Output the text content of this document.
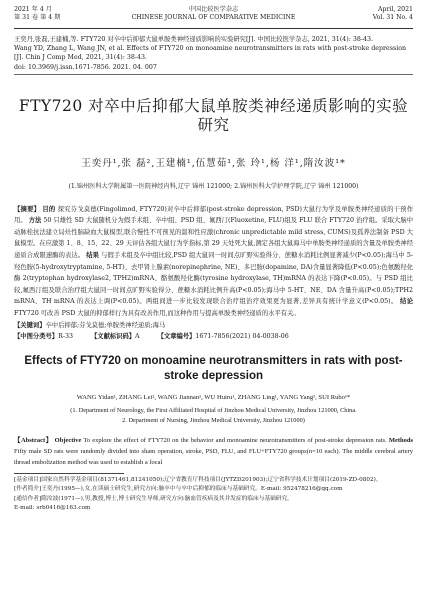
2021 年 4 月
第 31 卷 第 4 期
中国比较医学杂志
CHINESE JOURNAL OF COMPARATIVE MEDICINE
April, 2021
Vol. 31 No. 4
王奕丹,张磊,王建楠,等. FTY720 对卒中后抑郁大鼠单胺类神经递质影响的实验研究[J]. 中国比较医学杂志, 2021, 31(4): 38-43.
Wang YD, Zhang L, Wang JN, et al. Effects of FTY720 on monoamine neurotransmitters in rats with post-stroke depression [J]. Chin J Comp Med, 2021, 31(4): 38-43.
doi: 10.3969/j.issn.1671-7856. 2021. 04. 007
FTY720 对卒中后抑郁大鼠单胺类神经递质影响的实验研究
王奕丹¹,张 磊²,王建楠¹,伍慧茹¹,张 玲¹,杨 洋¹,隋汝波¹*
(1.锦州医科大学附属第一医院神经内科,辽宁 锦州 121000; 2.锦州医科大学护理学院,辽宁 锦州 121000)
【摘要】 目的 探究芬戈莫德(Fingolimod, FTY720)对卒中后抑郁(post-stroke depression, PSD)大鼠行为学及单胺类神经递质的干预作用。 方法 50 只雄性 SD 大鼠随机分为假手术组、卒中组、PSD 组、氟西汀(Fluoxetine, FLU)组及 FLU 联合 FTY720 治疗组。采取大脑中动脉栓抗法建立局灶性脑缺血大鼠模型,联合慢性不可预见的温和性应激(chronic unpredictable mild stress, CUMS)及孤养法制备 PSD 大鼠模型。在应激第 1、8、15、22、29 天评估各组大鼠行为学指标,第 29 天处死大鼠,测定各组大鼠海马中单胺类神经递质的含量及单胺类神经递质合成限速酶的表达。 结果 与假手术组及卒中组比较,PSD 组大鼠同一时间点旷野实验得分、蔗糖水消耗比例显著减少(P<0.05);海马中 5-羟色胺(5-hydroxytryptamine, 5-HT)、去甲肾上腺素(norepinephrine, NE)、多巴胺(dopamine, DA)含量显著降低(P<0.05);色氨酸羟化酶 2(tryptophan hydroxylase2, TPH2)mRNA、酪氨酸羟化酶(tyrosine hydroxylase, TH)mRNA 的表达下降(P<0.05)。与 PSD 组比较,氟西汀组及联合治疗组大鼠同一时间点旷野实验得分、蔗糖水消耗比例升高(P<0.05);海马中 5-HT、NE、DA 含量升高(P<0.05);TPH2 mRNA、TH mRNA 的表达上调(P<0.05)。两组间进一步比较发现联合治疗组治疗效果更为显著,差异具有统计学意义(P<0.05)。 结论 FTY720 可改善 PSD 大鼠的抑郁样行为具有改善作用,而这种作用与提高单胺类神经递质的水平有关。
【关键词】卒中后抑郁;芬戈莫德;单胺类神经递质;海马
【中图分类号】R-33	【文献标识码】A	【文章编号】1671-7856(2021) 04-0038-06
Effects of FTY720 on monoamine neurotransmitters in rats with post-stroke depression
WANG Yidan¹, ZHANG Lei², WANG Jiannan¹, WU Huiru¹, ZHANG Ling¹, YANG Yang¹, SUI Rubo¹*
(1. Department of Neurology, the First Affiliated Hospital of Jinzhou Medical University, Jinzhou 121000, China.
2. Department of Nursing, Jinzhou Medical University, Jinzhou 121000)
【Abstract】 Objective To explore the effect of FTY720 on the behavior and monoamine neurotransmitters of post-stroke depression rats. Methods Fifty male SD rats were randomly divided into sham operation, stroke, PSD, FLU, and FLU+FTY720 groups(n=10 each). The middle cerebral artery thread embolization method was used to establish a focal
[基金项目]国家自然科学基金项目(81371461,81241050);辽宁省教育厅科技项目(JYTZD201903);辽宁省科学技术计划项目(2019-ZD-0802)。
[作者简介]王奕丹(1995—),女,在读硕士研究生,研究方向:脑卒中与卒中后抑郁的临床与基础研究。E-mail: 952478216@qq.com
[通信作者]隋汝波(1971—),男,教授,博士,博士研究生导师,研究方向:脑血管疾病及其并发症的临床与基础研究。
E-mail: srb0416@163.com
